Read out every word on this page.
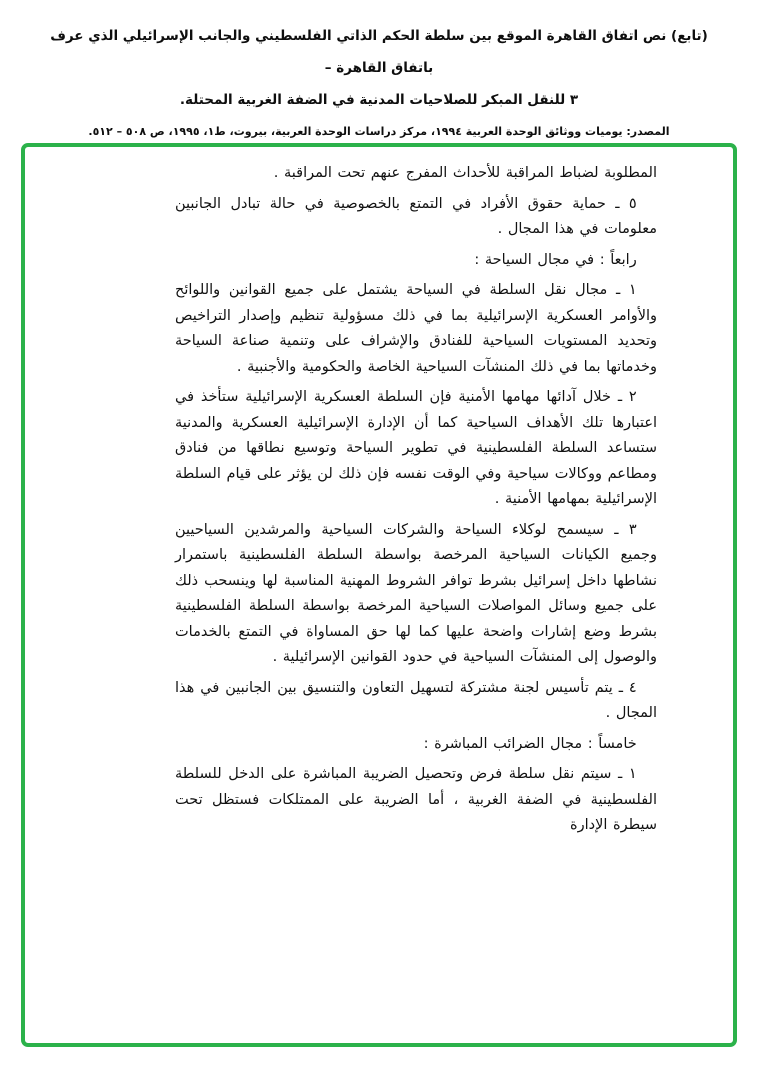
(تابع) نص اتفاق القاهرة الموقع بين سلطة الحكم الذاتي الفلسطيني والجانب الإسرائيلي الذي عرف باتفاق القاهرة –
٣ للنقل المبكر للصلاحيات المدنية في الضفة الغربية المحتلة.
المصدر: يوميات ووثائق الوحدة العربية ١٩٩٤، مركز دراسات الوحدة العربية، بيروت، ط١، ١٩٩٥، ص ٥٠٨ – ٥١٢.

المطلوبة لضباط المراقبة للأحداث المفرج عنهم تحت المراقبة .

٥ ـ حماية حقوق الأفراد في التمتع بالخصوصية في حالة تبادل الجانبين معلومات في هذا المجال .

رابعاً : في مجال السياحة :

١ ـ مجال نقل السلطة في السياحة يشتمل على جميع القوانين واللوائح والأوامر العسكرية الإسرائيلية بما في ذلك مسؤولية تنظيم وإصدار التراخيص وتحديد المستويات السياحية للفنادق والإشراف على وتنمية صناعة السياحة وخدماتها بما في ذلك المنشآت السياحية الخاصة والحكومية والأجنبية .

٢ ـ خلال آدائها مهامها الأمنية فإن السلطة العسكرية الإسرائيلية ستأخذ في اعتبارها تلك الأهداف السياحية كما أن الإدارة الإسرائيلية العسكرية والمدنية ستساعد السلطة الفلسطينية في تطوير السياحة وتوسيع نطاقها من فنادق ومطاعم ووكالات سياحية وفي الوقت نفسه فإن ذلك لن يؤثر على قيام السلطة الإسرائيلية بمهامها الأمنية .

٣ ـ سيسمح لوكلاء السياحة والشركات السياحية والمرشدين السياحيين وجميع الكيانات السياحية المرخصة بواسطة السلطة الفلسطينية باستمرار نشاطها داخل إسرائيل بشرط توافر الشروط المهنية المناسبة لها وينسحب ذلك على جميع وسائل المواصلات السياحية المرخصة بواسطة السلطة الفلسطينية بشرط وضع إشارات واضحة عليها كما لها حق المساواة في التمتع بالخدمات والوصول إلى المنشآت السياحية في حدود القوانين الإسرائيلية .

٤ ـ يتم تأسيس لجنة مشتركة لتسهيل التعاون والتنسيق بين الجانبين في هذا المجال .

خامساً : مجال الضرائب المباشرة :

١ ـ سيتم نقل سلطة فرض وتحصيل الضريبة المباشرة على الدخل للسلطة الفلسطينية في الضفة الغربية ، أما الضريبة على الممتلكات فستظل تحت سيطرة الإدارة
